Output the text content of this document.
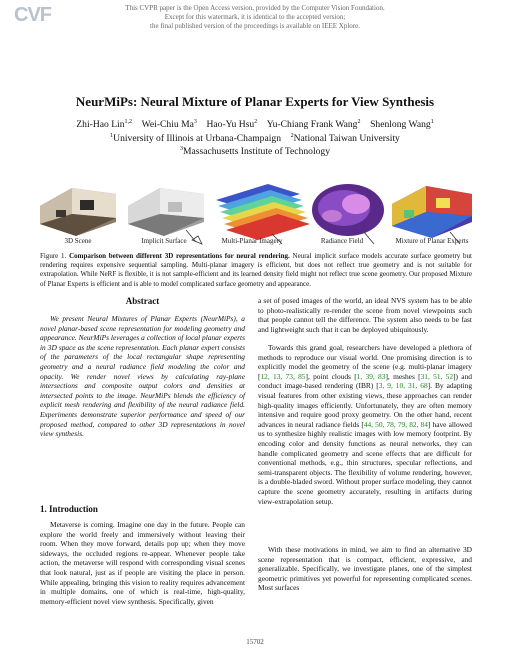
CVF	This CVPR paper is the Open Access version, provided by the Computer Vision Foundation.
Except for this watermark, it is identical to the accepted version;
the final published version of the proceedings is available on IEEE Xplore.
NeurMiPs: Neural Mixture of Planar Experts for View Synthesis
Zhi-Hao Lin$^{1,2}$ Wei-Chiu Ma$^3$ Hao-Yu Hsu$^2$ Yu-Chiang Frank Wang$^2$ Shenlong Wang$^1$
$^1$University of Illinois at Urbana-Champaign $^2$National Taiwan University
$^3$Massachusetts Institute of Technology
3D Scene	Implicit Surface	Multi-Planar Imagery	Radiance Field	Mixture of Planar Experts
Figure 1. Comparison between different 3D representations for neural rendering. Neural implicit surface models accurate surface geometry but rendering requires expensive sequential sampling. Multi-planar imagery is efficient, but does not reflect true geometry and is not suitable for extrapolation. While NeRF is flexible, it is not sample-efficient and its learned density field might not reflect true scene geometry. Our proposed Mixture of Planar Experts is efficient and is able to model complicated surface geometry and appearance.
Abstract

We present Neural Mixtures of Planar Experts (NeurMiPs), a novel planar-based scene representation for modeling geometry and appearance. NeurMiPs leverages a collection of local planar experts in 3D space as the scene representation. Each planar expert consists of the parameters of the local rectangular shape representing geometry and a neural radiance field modeling the color and opacity. We render novel views by calculating ray-plane intersections and composite output colors and densities at intersected points to the image. NeurMiPs blends the efficiency of explicit mesh rendering and flexibility of the neural radiance field. Experiments demonstrate superior performance and speed of our proposed method, compared to other 3D representations in novel view synthesis.

1. Introduction

Metaverse is coming. Imagine one day in the future. People can explore the world freely and immersively without leaving their room. When they move forward, details pop up; when they move sideways, the occluded regions re-appear. Whenever people take action, the metaverse will respond with corresponding visual scenes that look natural, just as if people are visiting the place in person. While appealing, bringing this vision to reality requires advancement in multiple domains, one of which is real-time, high-quality, memory-efficient novel view synthesis. Specifically, given

a set of posed images of the world, an ideal NVS system has to be able to photo-realistically re-render the scene from novel viewpoints such that people cannot tell the difference. The system also needs to be fast and lightweight such that it can be deployed ubiquitously.

Towards this grand goal, researchers have developed a plethora of methods to reproduce our visual world. One promising direction is to explicitly model the geometry of the scene (e.g. multi-planar imagery [12, 13, 73, 85], point clouds [1, 39, 83], meshes [31, 51, 52]) and conduct image-based rendering (IBR) [3, 9, 10, 31, 68]. By adapting visual features from other existing views, these approaches can render high-quality images efficiently. Unfortunately, they are often memory intensive and require good proxy geometry. On the other hand, recent advances in neural radiance fields [44, 50, 78, 79, 82, 84] have allowed us to synthesize highly realistic images with low memory footprint. By encoding color and density functions as neural networks, they can handle complicated geometry and scene effects that are difficult for conventional methods, e.g., thin structures, specular reflections, and semi-transparent objects. The flexibility of volume rendering, however, is a double-bladed sword. Without proper surface modeling, they cannot capture the scene geometry accurately, resulting in artifacts during view-extrapolation setup.

With these motivations in mind, we aim to find an alternative 3D scene representation that is compact, efficient, expressive, and generalizable. Specifically, we investigate planes, one of the simplest geometric primitives yet powerful for representing complicated scenes. Most surfaces

15702
